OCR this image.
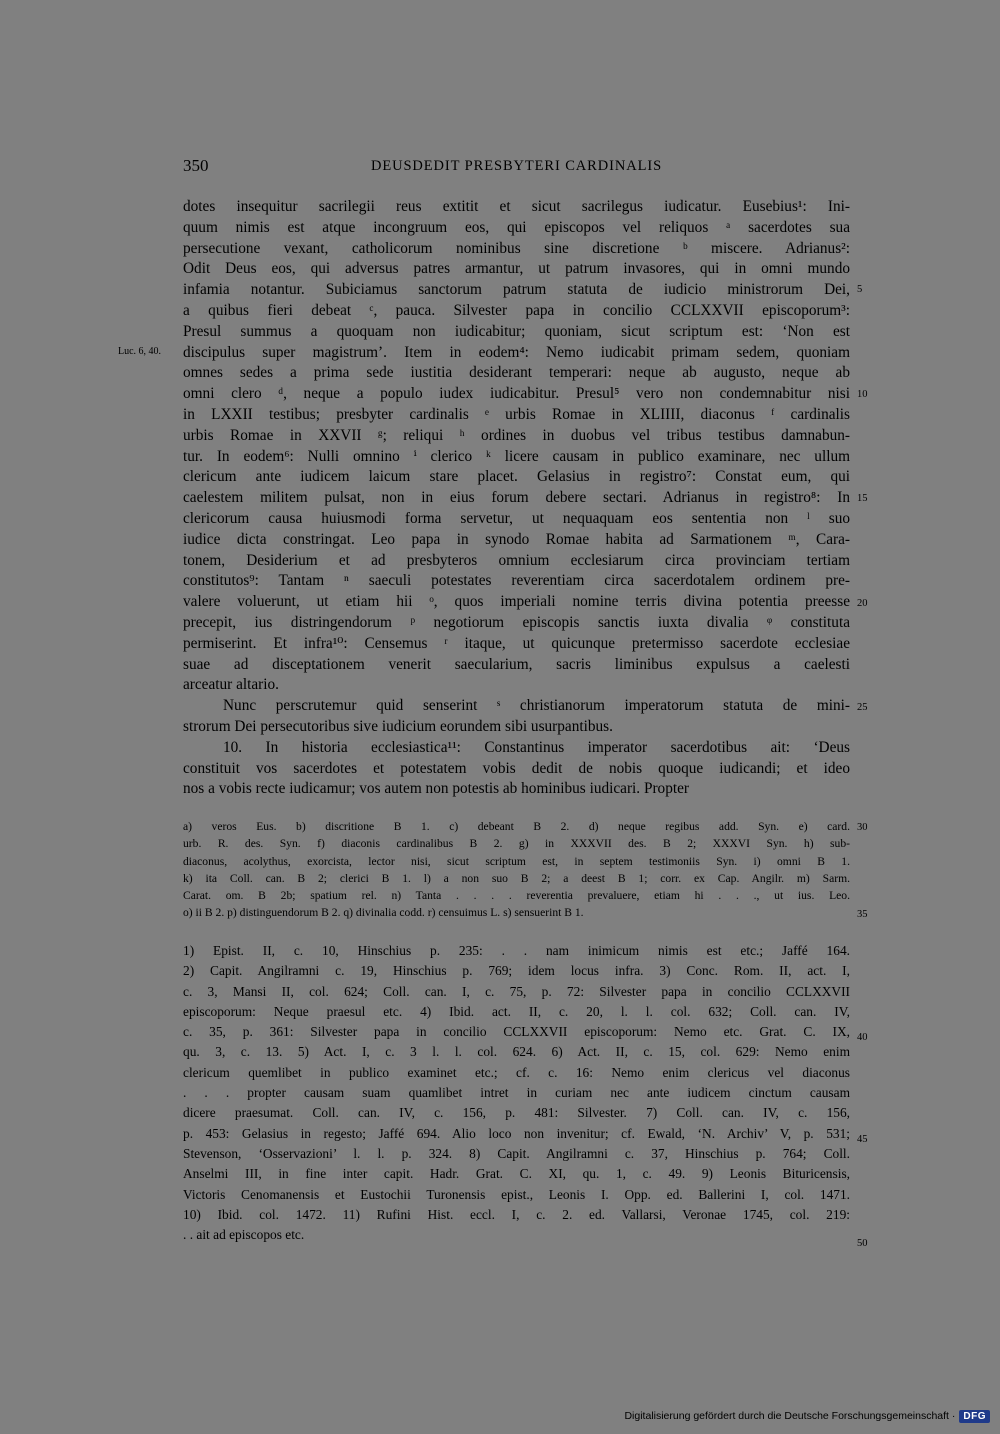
350	DEUSDEDIT PRESBYTERI CARDINALIS
dotes insequitur sacrilegii reus extitit et sicut sacrilegus iudicatur. Eusebius¹: Ini-
quum nimis est atque incongruum eos, qui episcopos vel reliquos ᵃ sacerdotes sua
persecutione vexant, catholicorum nominibus sine discretione ᵇ miscere. Adrianus²:
Odit Deus eos, qui adversus patres armantur, ut patrum invasores, qui in omni mundo
infamia notantur. Subiciamus sanctorum patrum statuta de iudicio ministrorum Dei,
a quibus fieri debeat ᶜ, pauca. Silvester papa in concilio CCLXXVII episcoporum³:
Presul summus a quoquam non iudicabitur; quoniam, sicut scriptum est: ‘Non est
discipulus super magistrum’. Item in eodem⁴: Nemo iudicabit primam sedem, quoniam
omnes sedes a prima sede iustitia desiderant temperari: neque ab augusto, neque ab
omni clero ᵈ, neque a populo iudex iudicabitur. Presul⁵ vero non condemnabitur nisi
in LXXII testibus; presbyter cardinalis ᵉ urbis Romae in XLIIII, diaconus ᶠ cardinalis
urbis Romae in XXVII ᵍ; reliqui ʰ ordines in duobus vel tribus testibus damnabun-
tur. In eodem⁶: Nulli omnino ⁱ clerico ᵏ licere causam in publico examinare, nec ullum
clericum ante iudicem laicum stare placet. Gelasius in registro⁷: Constat eum, qui
caelestem militem pulsat, non in eius forum debere sectari. Adrianus in registro⁸: In
clericorum causa huiusmodi forma servetur, ut nequaquam eos sententia non ˡ suo
iudice dicta constringat. Leo papa in synodo Romae habita ad Sarmationem ᵐ, Cara-
tonem, Desiderium et ad presbyteros omnium ecclesiarum circa provinciam tertiam
constitutos⁹: Tantam ⁿ saeculi potestates reverentiam circa sacerdotalem ordinem pre-
valere voluerunt, ut etiam hii ᵒ, quos imperiali nomine terris divina potentia preesse
precepit, ius distringendorum ᵖ negotiorum episcopis sanctis iuxta divalia ᵠ constituta
permiserint. Et infra¹⁰: Censemus ʳ itaque, ut quicunque pretermisso sacerdote ecclesiae
suae ad disceptationem venerit saecularium, sacris liminibus expulsus a caelesti
arceatur altario.
Nunc perscrutemur quid senserint ˢ christianorum imperatorum statuta de mini-
strorum Dei persecutoribus sive iudicium eorundem sibi usurpantibus.
10. In historia ecclesiastica¹¹: Constantinus imperator sacerdotibus ait: ‘Deus
constituit vos sacerdotes et potestatem vobis dedit de nobis quoque iudicandi; et ideo
nos a vobis recte iudicamur; vos autem non potestis ab hominibus iudicari. Propter
5
10
15
20
25
Luc. 6, 40.
a) veros Eus. b) discritione B 1. c) debeant B 2. d) neque regibus add. Syn. e) card.
urb. R. des. Syn. f) diaconis cardinalibus B 2. g) in XXXVII des. B 2; XXXVI Syn. h) sub-
diaconus, acolythus, exorcista, lector nisi, sicut scriptum est, in septem testimoniis Syn. i) omni B 1.
k) ita Coll. can. B 2; clerici B 1. l) a non suo B 2; a deest B 1; corr. ex Cap. Angilr. m) Sarm.
Carat. om. B 2b; spatium rel. n) Tanta . . . . reverentia prevaluere, etiam hi . . ., ut ius. Leo.
o) ii B 2. p) distinguendorum B 2. q) divinalia codd. r) censuimus L. s) sensuerint B 1.
30
35
1) Epist. II, c. 10, Hinschius p. 235: . . nam inimicum nimis est etc.; Jaffé 164.
2) Capit. Angilramni c. 19, Hinschius p. 769; idem locus infra. 3) Conc. Rom. II, act. I,
c. 3, Mansi II, col. 624; Coll. can. I, c. 75, p. 72: Silvester papa in concilio CCLXXVII
episcoporum: Neque praesul etc. 4) Ibid. act. II, c. 20, l. l. col. 632; Coll. can. IV,
c. 35, p. 361: Silvester papa in concilio CCLXXVII episcoporum: Nemo etc. Grat. C. IX,
qu. 3, c. 13. 5) Act. I, c. 3 l. l. col. 624. 6) Act. II, c. 15, col. 629: Nemo enim
clericum quemlibet in publico examinet etc.; cf. c. 16: Nemo enim clericus vel diaconus
. . . propter causam suam quamlibet intret in curiam nec ante iudicem cinctum causam
dicere praesumat. Coll. can. IV, c. 156, p. 481: Silvester. 7) Coll. can. IV, c. 156,
p. 453: Gelasius in regesto; Jaffé 694. Alio loco non invenitur; cf. Ewald, ‘N. Archiv’ V, p. 531;
Stevenson, ‘Osservazioni’ l. l. p. 324. 8) Capit. Angilramni c. 37, Hinschius p. 764; Coll.
Anselmi III, in fine inter capit. Hadr. Grat. C. XI, qu. 1, c. 49. 9) Leonis Bituricensis,
Victoris Cenomanensis et Eustochii Turonensis epist., Leonis I. Opp. ed. Ballerini I, col. 1471.
10) Ibid. col. 1472. 11) Rufini Hist. eccl. I, c. 2. ed. Vallarsi, Veronae 1745, col. 219:
. . ait ad episcopos etc.
40
45
50
Digitalisierung gefördert durch die Deutsche Forschungsgemeinschaft · DFG
